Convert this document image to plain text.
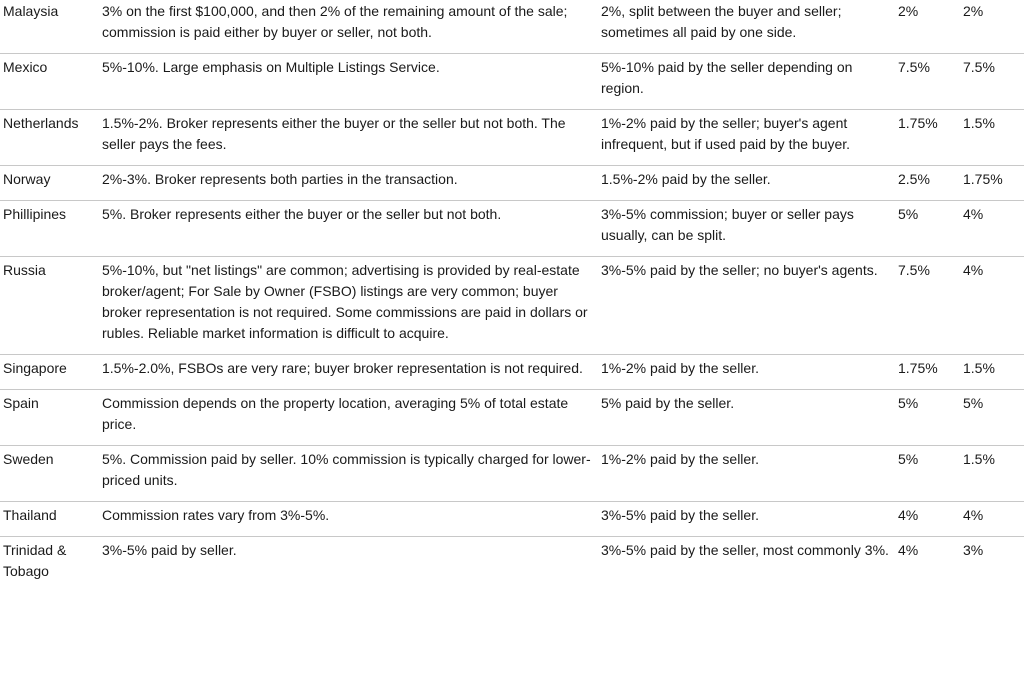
Malaysia	3% on the first $100,000, and then 2% of the remaining amount of the sale; commission is paid either by buyer or seller, not both.	2%, split between the buyer and seller; sometimes all paid by one side.	2%	2%
Mexico	5%-10%. Large emphasis on Multiple Listings Service.	5%-10% paid by the seller depending on region.	7.5%	7.5%
Netherlands	1.5%-2%. Broker represents either the buyer or the seller but not both. The seller pays the fees.	1%-2% paid by the seller; buyer's agent infrequent, but if used paid by the buyer.	1.75%	1.5%
Norway	2%-3%. Broker represents both parties in the transaction.	1.5%-2% paid by the seller.	2.5%	1.75%
Phillipines	5%. Broker represents either the buyer or the seller but not both.	3%-5% commission; buyer or seller pays usually, can be split.	5%	4%
Russia	5%-10%, but "net listings" are common; advertising is provided by real-estate broker/agent; For Sale by Owner (FSBO) listings are very common; buyer broker representation is not required. Some commissions are paid in dollars or rubles. Reliable market information is difficult to acquire.	3%-5% paid by the seller; no buyer's agents.	7.5%	4%
Singapore	1.5%-2.0%, FSBOs are very rare; buyer broker representation is not required.	1%-2% paid by the seller.	1.75%	1.5%
Spain	Commission depends on the property location, averaging 5% of total estate price.	5% paid by the seller.	5%	5%
Sweden	5%. Commission paid by seller. 10% commission is typically charged for lower-priced units.	1%-2% paid by the seller.	5%	1.5%
Thailand	Commission rates vary from 3%-5%.	3%-5% paid by the seller.	4%	4%
Trinidad & Tobago	3%-5% paid by seller.	3%-5% paid by the seller, most commonly 3%.	4%	3%
